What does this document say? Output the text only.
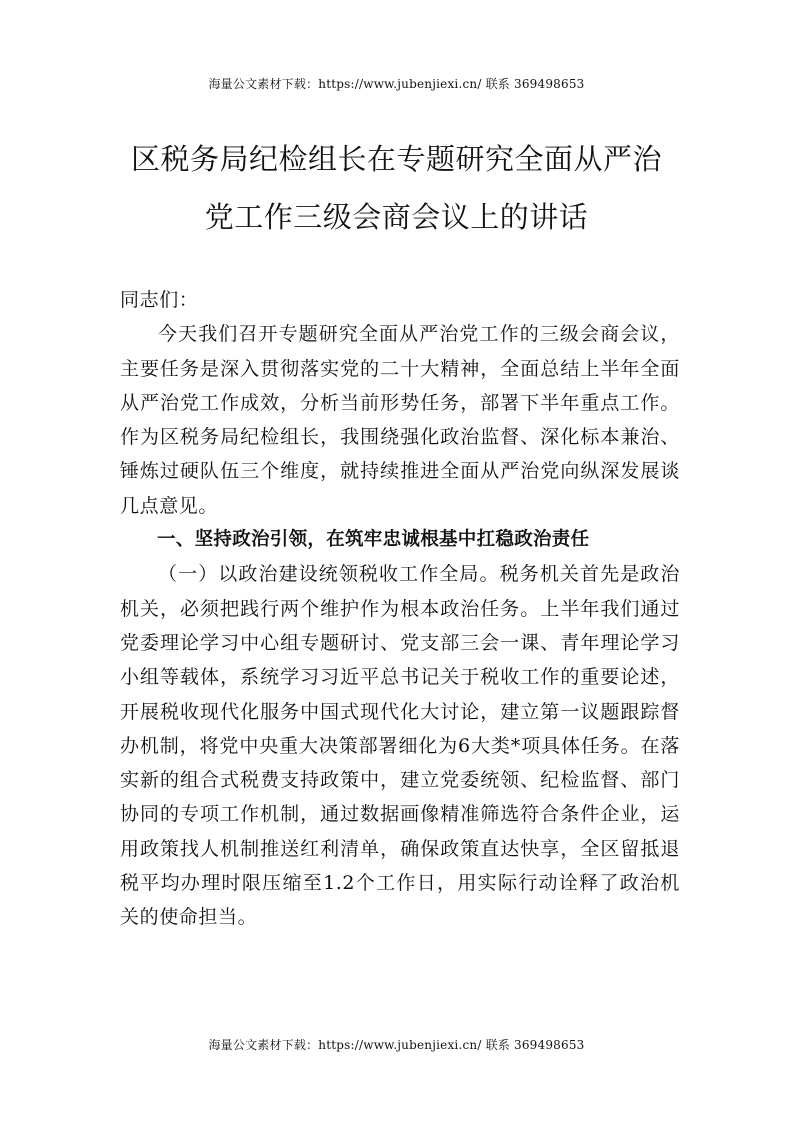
海量公文素材下载：https://www.jubenjiexi.cn/ 联系 369498653
区税务局纪检组长在专题研究全面从严治
党工作三级会商会议上的讲话

同志们：

今天我们召开专题研究全面从严治党工作的三级会商会议，主要任务是深入贯彻落实党的二十大精神，全面总结上半年全面从严治党工作成效，分析当前形势任务，部署下半年重点工作。作为区税务局纪检组长，我围绕强化政治监督、深化标本兼治、锤炼过硬队伍三个维度，就持续推进全面从严治党向纵深发展谈几点意见。

一、坚持政治引领，在筑牢忠诚根基中扛稳政治责任

（一）以政治建设统领税收工作全局。税务机关首先是政治机关，必须把践行两个维护作为根本政治任务。上半年我们通过党委理论学习中心组专题研讨、党支部三会一课、青年理论学习小组等载体，系统学习习近平总书记关于税收工作的重要论述，开展税收现代化服务中国式现代化大讨论，建立第一议题跟踪督办机制，将党中央重大决策部署细化为6大类*项具体任务。在落实新的组合式税费支持政策中，建立党委统领、纪检监督、部门协同的专项工作机制，通过数据画像精准筛选符合条件企业，运用政策找人机制推送红利清单，确保政策直达快享，全区留抵退税平均办理时限压缩至1.2个工作日，用实际行动诠释了政治机关的使命担当。

海量公文素材下载：https://www.jubenjiexi.cn/ 联系 369498653
